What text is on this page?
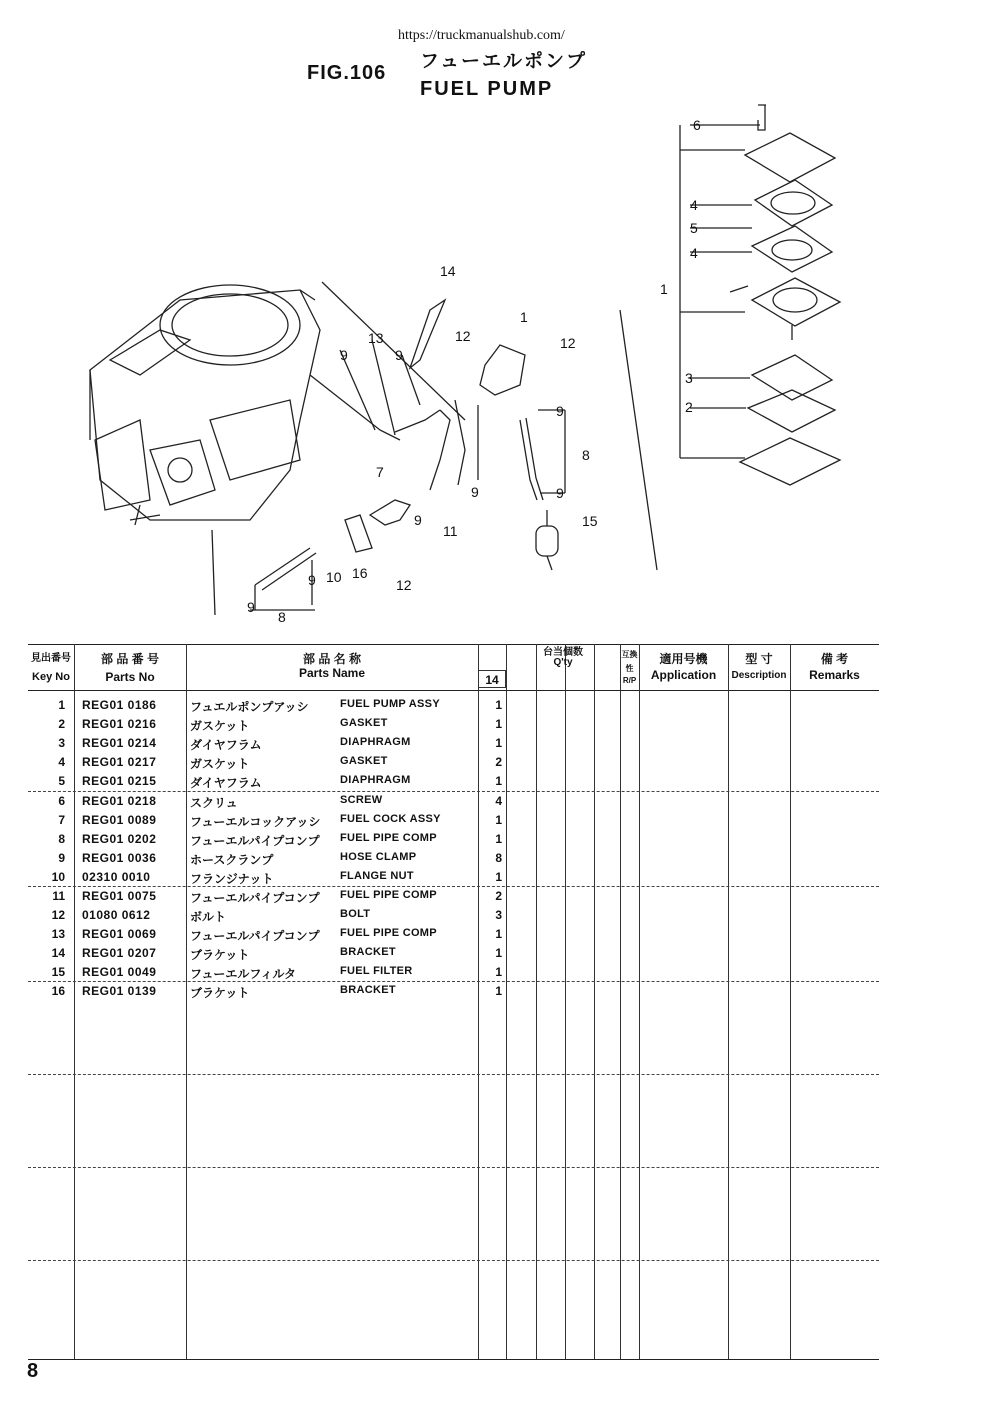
https://truckmanualshub.com/
FIG.106
フューエルポンプ
FUEL PUMP
1
2
3
4
5
4
6
8
9
9
9	9
9
9
9
7
10
11
12	12
12
13
14
15
16
1
8
9
見出番号
Key No
部 品 番 号
Parts No
部 品 名 称
Parts Name
台当個数
Q'ty
14
互換性
R/P
適用号機
Application
型 寸
Description
備 考
Remarks
1 REG01 0186	フュエルポンプアッシ	FUEL PUMP ASSY	1
2 REG01 0216	ガスケット	GASKET	1
3 REG01 0214	ダイヤフラム	DIAPHRAGM	1
4 REG01 0217	ガスケット	GASKET	2
5 REG01 0215	ダイヤフラム	DIAPHRAGM	1
6 REG01 0218	スクリュ	SCREW	4
7 REG01 0089	フューエルコックアッシ FUEL COCK ASSY	1
8 REG01 0202	フューエルパイプコンプ FUEL PIPE COMP	1
9 REG01 0036	ホースクランプ	HOSE CLAMP	8
10 02310 0010	フランジナット	FLANGE NUT	1
11 REG01 0075	フューエルパイプコンプ FUEL PIPE COMP	2
12 01080 0612	ボルト	BOLT	3
13 REG01 0069	フューエルパイプコンプ FUEL PIPE COMP	1
14 REG01 0207	ブラケット	BRACKET	1
15 REG01 0049	フューエルフィルタ	FUEL FILTER	1
16 REG01 0139	ブラケット	BRACKET	1
8
